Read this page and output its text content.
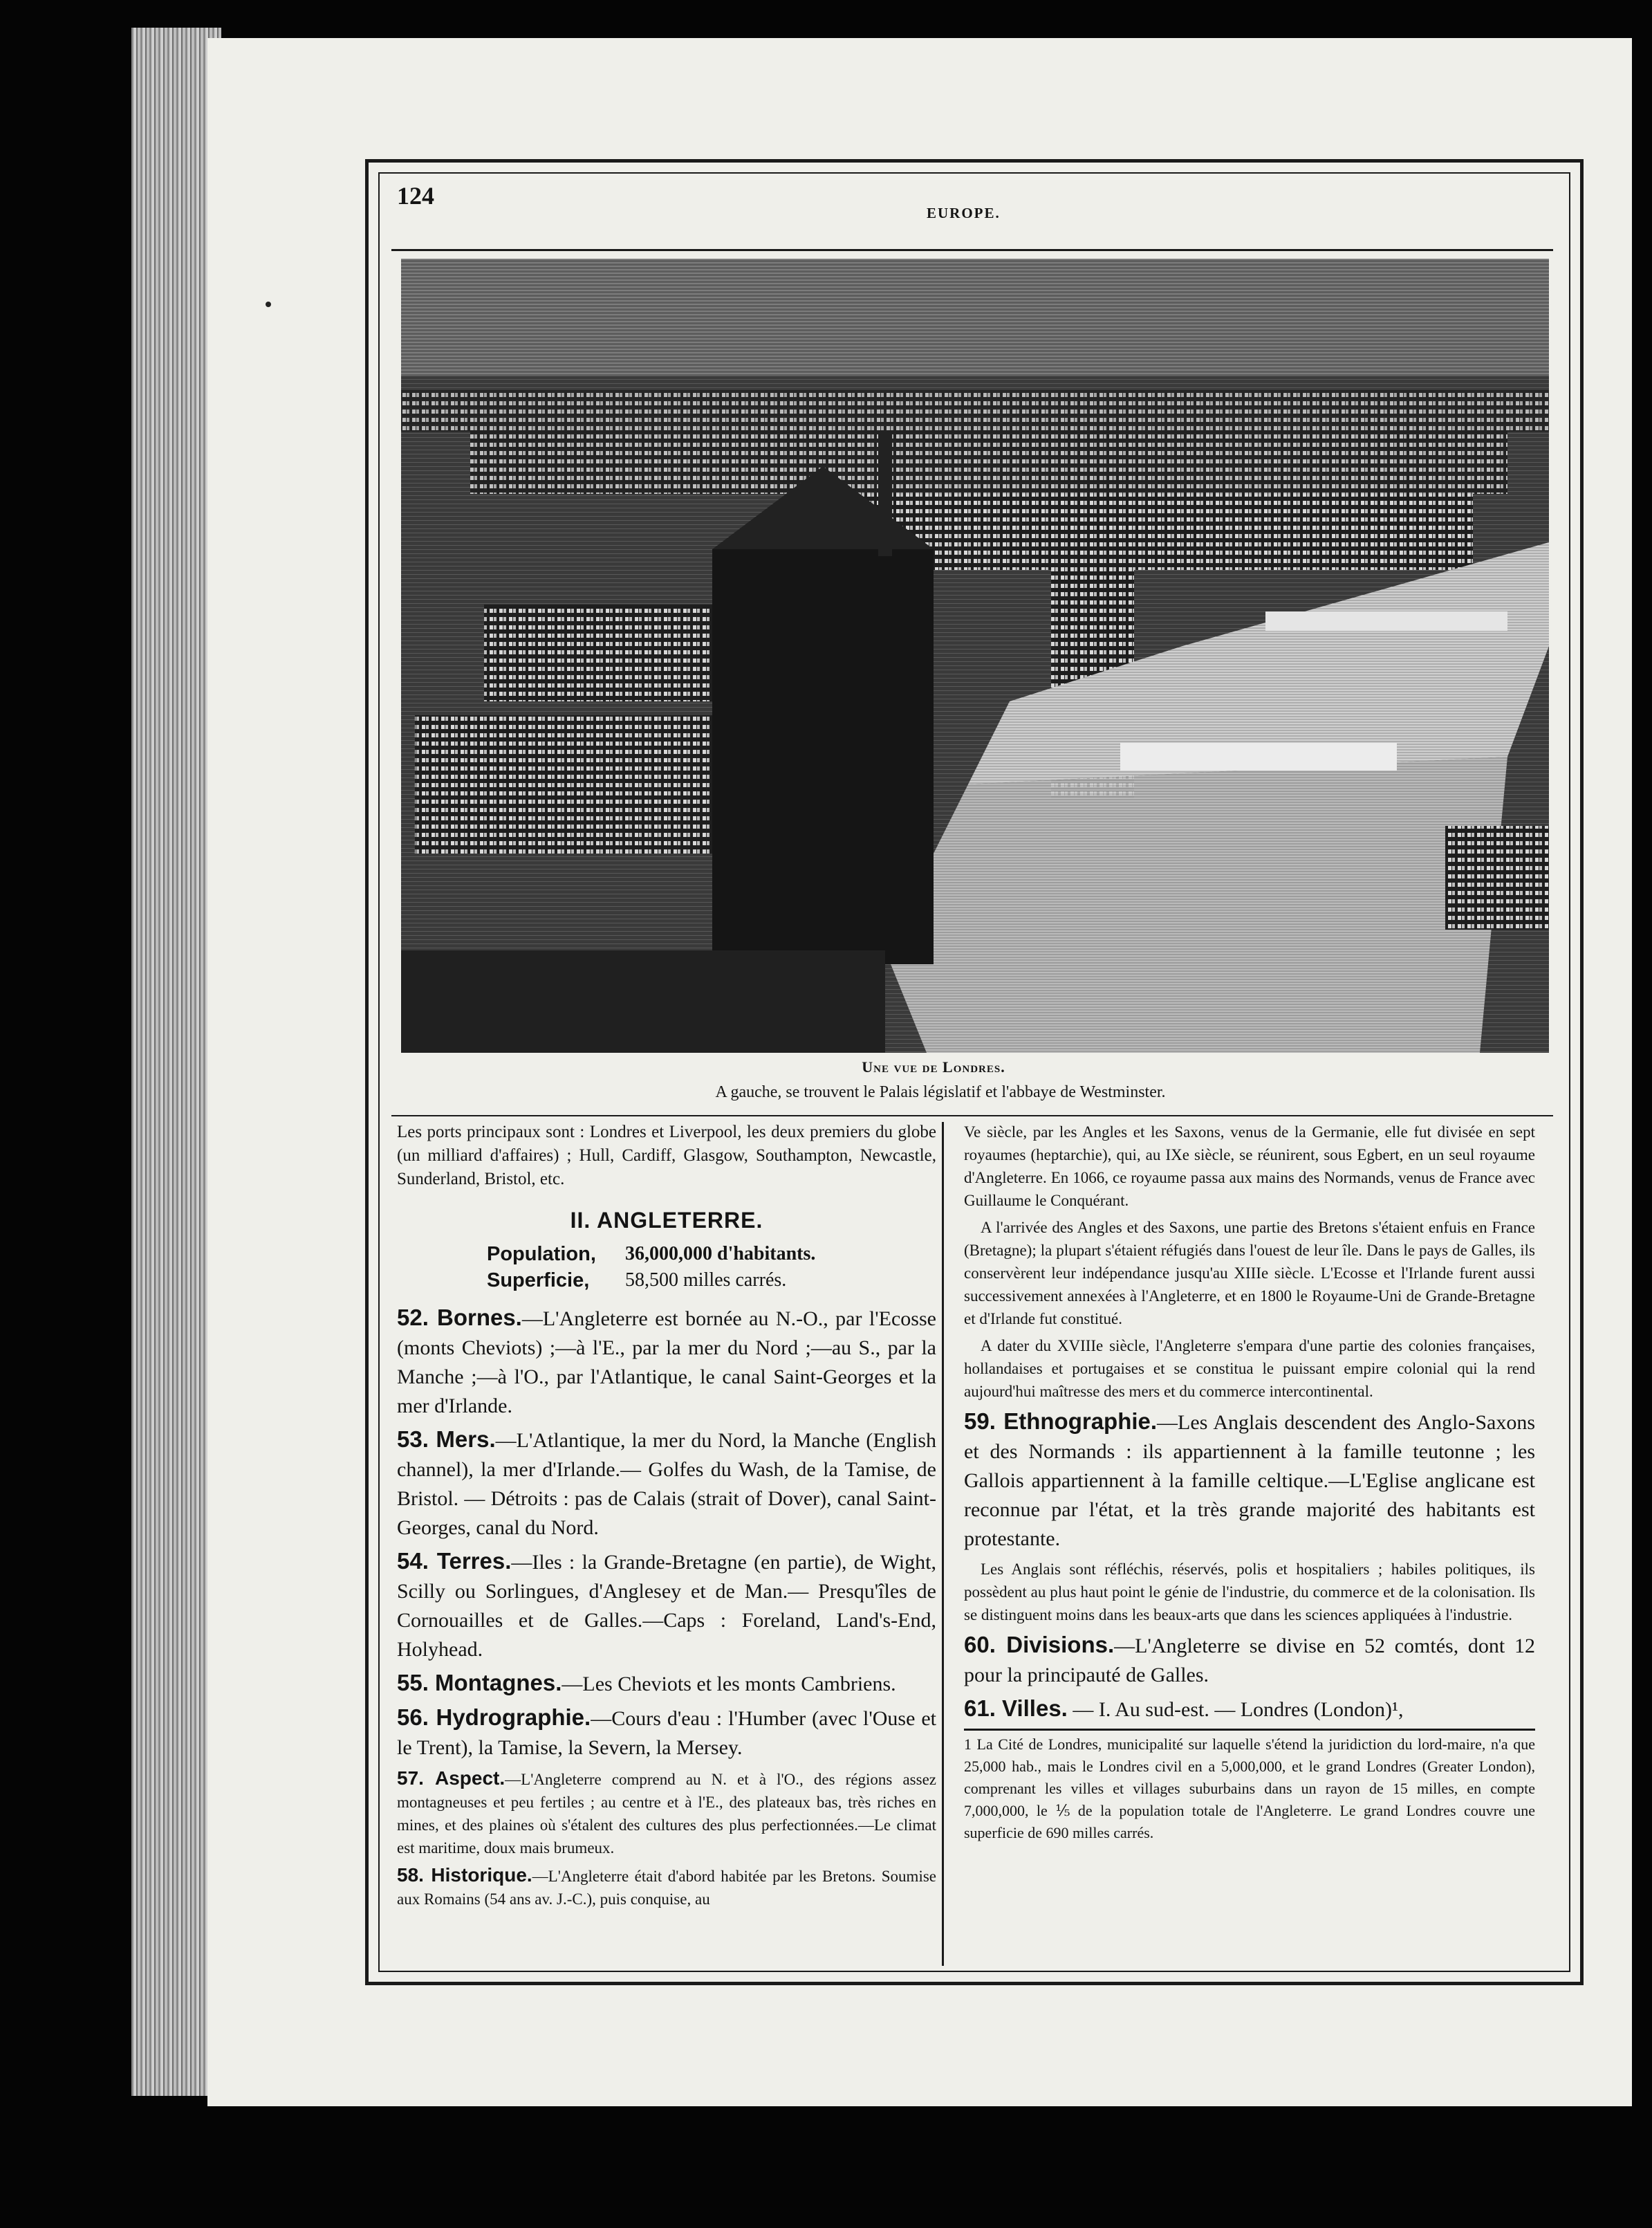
124
EUROPE.
Une vue de Londres.
A gauche, se trouvent le Palais législatif et l'abbaye de Westminster.

Les ports principaux sont : Londres et Liverpool, les deux premiers du globe (un milliard d'affaires) ; Hull, Cardiff, Glasgow, Southampton, Newcastle, Sunderland, Bristol, etc.

II. ANGLETERRE.
Population,	36,000,000 d'habitants.
Superficie,	58,500 milles carrés.

52. Bornes.—L'Angleterre est bornée au N.-O., par l'Ecosse (monts Cheviots) ;—à l'E., par la mer du Nord ;—au S., par la Manche ;—à l'O., par l'Atlantique, le canal Saint-Georges et la mer d'Irlande.

53. Mers.—L'Atlantique, la mer du Nord, la Manche (English channel), la mer d'Irlande.— Golfes du Wash, de la Tamise, de Bristol. — Détroits : pas de Calais (strait of Dover), canal Saint-Georges, canal du Nord.

54. Terres.—Iles : la Grande-Bretagne (en partie), de Wight, Scilly ou Sorlingues, d'Anglesey et de Man.— Presqu'îles de Cornouailles et de Galles.—Caps : Foreland, Land's-End, Holyhead.

55. Montagnes.—Les Cheviots et les monts Cambriens.

56. Hydrographie.—Cours d'eau : l'Humber (avec l'Ouse et le Trent), la Tamise, la Severn, la Mersey.

57. Aspect.—L'Angleterre comprend au N. et à l'O., des régions assez montagneuses et peu fertiles ; au centre et à l'E., des plateaux bas, très riches en mines, et des plaines où s'étalent des cultures des plus perfectionnées.—Le climat est maritime, doux mais brumeux.

58. Historique.—L'Angleterre était d'abord habitée par les Bretons. Soumise aux Romains (54 ans av. J.-C.), puis conquise, au

Ve siècle, par les Angles et les Saxons, venus de la Germanie, elle fut divisée en sept royaumes (heptarchie), qui, au IXe siècle, se réunirent, sous Egbert, en un seul royaume d'Angleterre. En 1066, ce royaume passa aux mains des Normands, venus de France avec Guillaume le Conquérant.

A l'arrivée des Angles et des Saxons, une partie des Bretons s'étaient enfuis en France (Bretagne); la plupart s'étaient réfugiés dans l'ouest de leur île. Dans le pays de Galles, ils conservèrent leur indépendance jusqu'au XIIIe siècle. L'Ecosse et l'Irlande furent aussi successivement annexées à l'Angleterre, et en 1800 le Royaume-Uni de Grande-Bretagne et d'Irlande fut constitué.

A dater du XVIIIe siècle, l'Angleterre s'empara d'une partie des colonies françaises, hollandaises et portugaises et se constitua le puissant empire colonial qui la rend aujourd'hui maîtresse des mers et du commerce intercontinental.

59. Ethnographie.—Les Anglais descendent des Anglo-Saxons et des Normands : ils appartiennent à la famille teutonne ; les Gallois appartiennent à la famille celtique.—L'Eglise anglicane est reconnue par l'état, et la très grande majorité des habitants est protestante.

Les Anglais sont réfléchis, réservés, polis et hospitaliers ; habiles politiques, ils possèdent au plus haut point le génie de l'industrie, du commerce et de la colonisation. Ils se distinguent moins dans les beaux-arts que dans les sciences appliquées à l'industrie.

60. Divisions.—L'Angleterre se divise en 52 comtés, dont 12 pour la principauté de Galles.

61. Villes. — I. Au sud-est. — Londres (London)¹,

1 La Cité de Londres, municipalité sur laquelle s'étend la juridiction du lord-maire, n'a que 25,000 hab., mais le Londres civil en a 5,000,000, et le grand Londres (Greater London), comprenant les villes et villages suburbains dans un rayon de 15 milles, en compte 7,000,000, le ⅕ de la population totale de l'Angleterre. Le grand Londres couvre une superficie de 690 milles carrés.
